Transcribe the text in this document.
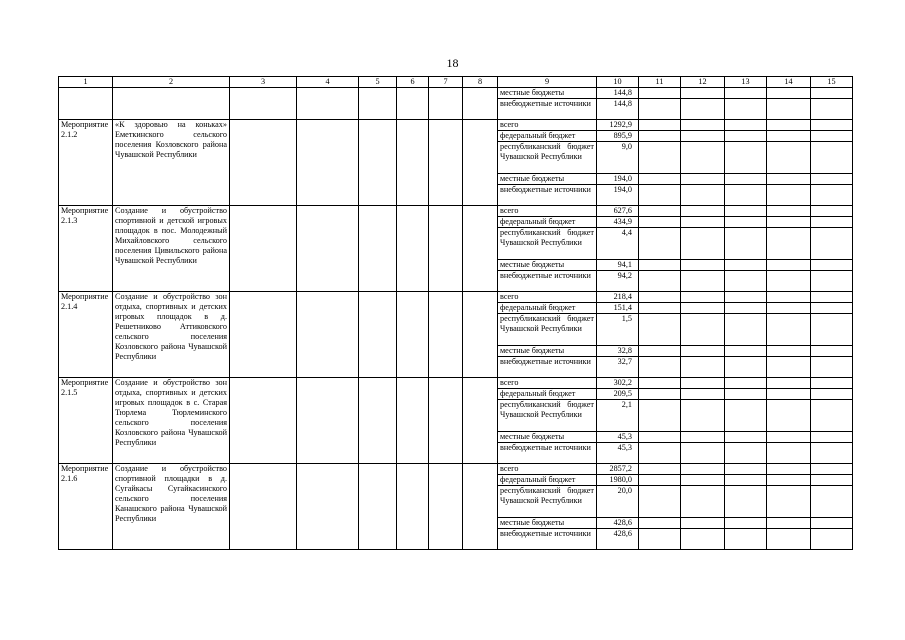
18
1	2	3	4	5	6	7	8	9	10	11	12	13	14	15
								местные бюджеты	144,8					
								внебюджетные источники	144,8					
Мероприятие 2.1.2	«К здоровью на коньках» Еметкинского сельского поселения Козловского района Чувашской Республики							всего	1292,9					
								федеральный бюджет	895,9					
								республиканский бюджет Чувашской Республики	9,0					
								местные бюджеты	194,0					
								внебюджетные источники	194,0					
Мероприятие 2.1.3	Создание и обустройство спортивной и детской игровых площадок в пос. Молодежный Михайловского сельского поселения Цивильского района Чувашской Республики							всего	627,6					
								федеральный бюджет	434,9					
								республиканский бюджет Чувашской Республики	4,4					
								местные бюджеты	94,1					
								внебюджетные источники	94,2					
Мероприятие 2.1.4	Создание и обустройство зон отдыха, спортивных и детских игровых площадок в д. Решетниково Аттиковского сельского поселения Козловского района Чувашской Республики							всего	218,4					
								федеральный бюджет	151,4					
								республиканский бюджет Чувашской Республики	1,5					
								местные бюджеты	32,8					
								внебюджетные источники	32,7					
Мероприятие 2.1.5	Создание и обустройство зон отдыха, спортивных и детских игровых площадок в с. Старая Тюрлема Тюрлеминского сельского поселения Козловского района Чувашской Республики							всего	302,2					
								федеральный бюджет	209,5					
								республиканский бюджет Чувашской Республики	2,1					
								местные бюджеты	45,3					
								внебюджетные источники	45,3					
Мероприятие 2.1.6	Создание и обустройство спортивной площадки в д. Сугайкасы Сугайкасинского сельского поселения Канашского района Чувашской Республики							всего	2857,2					
								федеральный бюджет	1980,0					
								республиканский бюджет Чувашской Республики	20,0					
								местные бюджеты	428,6					
								внебюджетные источники	428,6					
